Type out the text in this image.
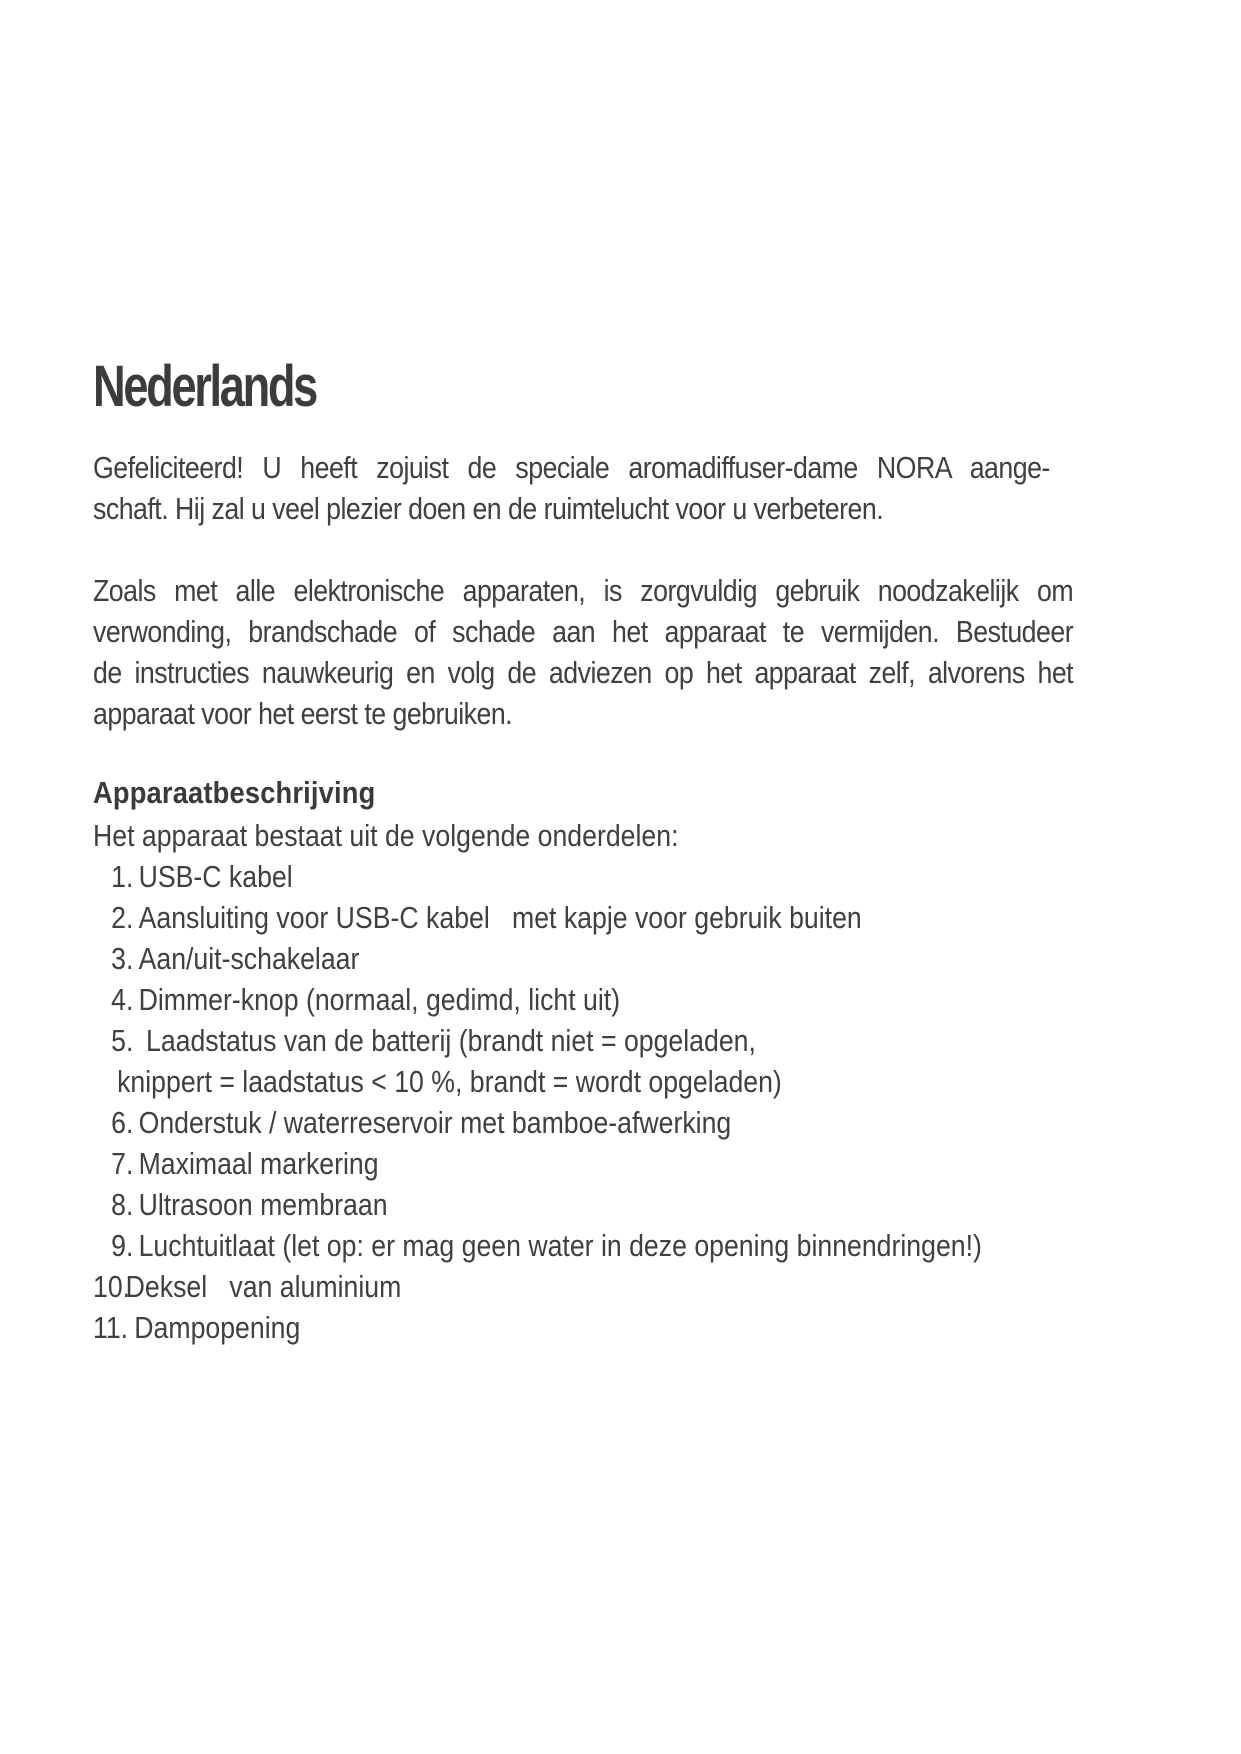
Nederlands
Gefeliciteerd! U heeft zojuist de speciale aromadiffuser-dame NORA aange-
schaft. Hij zal u veel plezier doen en de ruimtelucht voor u verbeteren.
Zoals met alle elektronische apparaten, is zorgvuldig gebruik noodzakelijk om
verwonding, brandschade of schade aan het apparaat te vermijden. Bestudeer
de instructies nauwkeurig en volg de adviezen op het apparaat zelf, alvorens het
apparaat voor het eerst te gebruiken.
Apparaatbeschrijving

Het apparaat bestaat uit de volgende onderdelen:

1. USB-C kabel
2. Aansluiting voor USB-C kabel   met kapje voor gebruik buiten
3. Aan/uit-schakelaar
4. Dimmer-knop (normaal, gedimd, licht uit)
5. Laadstatus van de batterij (brandt niet = opgeladen,
knippert = laadstatus < 10 %, brandt = wordt opgeladen)
6. Onderstuk / waterreservoir met bamboe-afwerking
7. Maximaal markering
8. Ultrasoon membraan
9. Luchtuitlaat (let op: er mag geen water in deze opening binnendringen!)
10.Deksel   van aluminium
11. Dampopening
